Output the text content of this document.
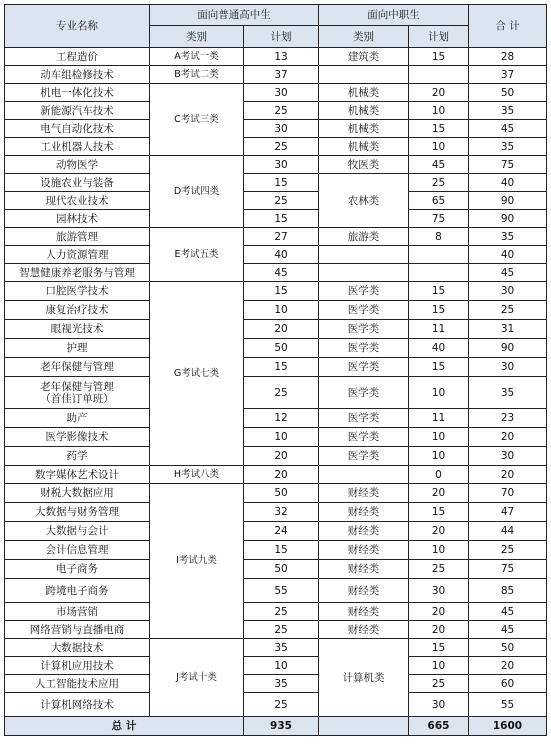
专业名称	面向普通高中生		面向中职生		合 计
	类别	计划	类别	计划	
工程造价	A考试一类	13	建筑类	15	28
动车组检修技术	B考试二类	37			37
机电一体化技术	C考试三类	30	机械类	20	50
新能源汽车技术		25	机械类	10	35
电气自动化技术		30	机械类	15	45
工业机器人技术		25	机械类	10	35
动物医学	D考试四类	30	牧医类	45	75
设施农业与装备		15	农林类	25	40
现代农业技术		25		65	90
园林技术		15		75	90
旅游管理	E考试五类	27	旅游类	8	35
人力资源管理		40			40
智慧健康养老服务与管理		45			45
口腔医学技术	G考试七类	15	医学类	15	30
康复治疗技术		10	医学类	15	25
眼视光技术		20	医学类	11	31
护理		50	医学类	40	90
老年保健与管理		15	医学类	15	30

老年保健与管理
（首佳订单班）		25	医学类	10	35
助产		12	医学类	11	23
医学影像技术		10	医学类	10	20
药学		20	医学类	10	30
数字媒体艺术设计	H考试八类	20		0	20
财税大数据应用	I考试九类	50	财经类	20	70
大数据与财务管理		32	财经类	15	47
大数据与会计		24	财经类	20	44
会计信息管理		15	财经类	10	25
电子商务		50	财经类	25	75
跨境电子商务		55	财经类	30	85
市场营销		25	财经类	20	45
网络营销与直播电商		25	财经类	20	45
大数据技术	J考试十类	35	计算机类	15	50
计算机应用技术		10		10	20
人工智能技术应用		35		25	60
计算机网络技术		25		30	55
总 计		935		665	1600
